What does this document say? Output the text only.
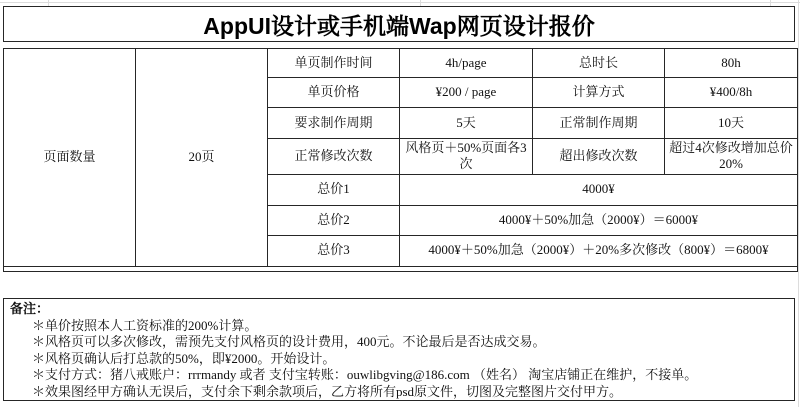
AppUI设计或手机端Wap网页设计报价
页面数量	20页	单页制作时间	4h/page	总时长	80h
		单页价格	¥200 / page	计算方式	¥400/8h
		要求制作周期	5天	正常制作周期	10天
		正常修改次数	风格页＋50%页面各3次	超出修改次数	超过4次修改增加总价20%
		总价1	4000¥		
		总价2	4000¥＋50%加急（2000¥）＝6000¥		
		总价3	4000¥＋50%加急（2000¥）＋20%多次修改（800¥）＝6800¥		

备注：
＊单价按照本人工资标准的200%计算。
＊风格页可以多次修改，需预先支付风格页的设计费用，400元。不论最后是否达成交易。
＊风格页确认后打总款的50%，即¥2000。开始设计。
＊支付方式：猪八戒账户：rrrmandy 或者 支付宝转账：ouwlibgving@186.com （姓名） 淘宝店铺正在维护，不接单。
＊效果图经甲方确认无误后，支付余下剩余款项后，乙方将所有psd原文件，切图及完整图片交付甲方。
